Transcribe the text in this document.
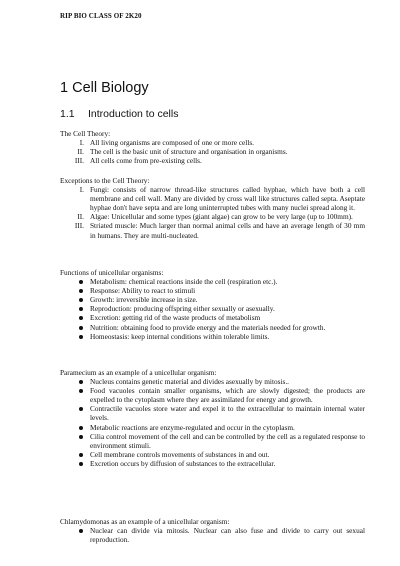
RIP BIO CLASS OF 2K20
1 Cell Biology
1.1 Introduction to cells

The Cell Theory:

I. All living organisms are composed of one or more cells.
II. The cell is the basic unit of structure and organisation in organisms.
III. All cells come from pre-existing cells.

Exceptions to the Cell Theory:

I. Fungi: consists of narrow thread-like structures called hyphae, which have both a cell membrane and cell wall. Many are divided by cross wall like structures called septa. Aseptate hyphae don't have septa and are long uninterrupted tubes with many nuclei spread along it.
II. Algae: Unicellular and some types (giant algae) can grow to be very large (up to 100mm).
III. Striated muscle: Much larger than normal animal cells and have an average length of 30 mm in humans. They are multi-nucleated.

Functions of unicellular organisms:

Metabolism: chemical reactions inside the cell (respiration etc.).
Response: Ability to react to stimuli
Growth: irreversible increase in size.
Reproduction: producing offspring either sexually or asexually.
Excretion: getting rid of the waste products of metabolism
Nutrition: obtaining food to provide energy and the materials needed for growth.
Homeostasis: keep internal conditions within tolerable limits.

Paramecium as an example of a unicellular organism:

Nucleus contains genetic material and divides asexually by mitosis..
Food vacuoles contain smaller organisms, which are slowly digested; the products are expelled to the cytoplasm where they are assimilated for energy and growth.
Contractile vacuoles store water and expel it to the extracellular to maintain internal water levels.
Metabolic reactions are enzyme-regulated and occur in the cytoplasm.
Cilia control movement of the cell and can be controlled by the cell as a regulated response to environment stimuli.
Cell membrane controls movements of substances in and out.
Excretion occurs by diffusion of substances to the extracellular.

Chlamydomonas as an example of a unicellular organism:

Nuclear can divide via mitosis. Nuclear can also fuse and divide to carry out sexual reproduction.
